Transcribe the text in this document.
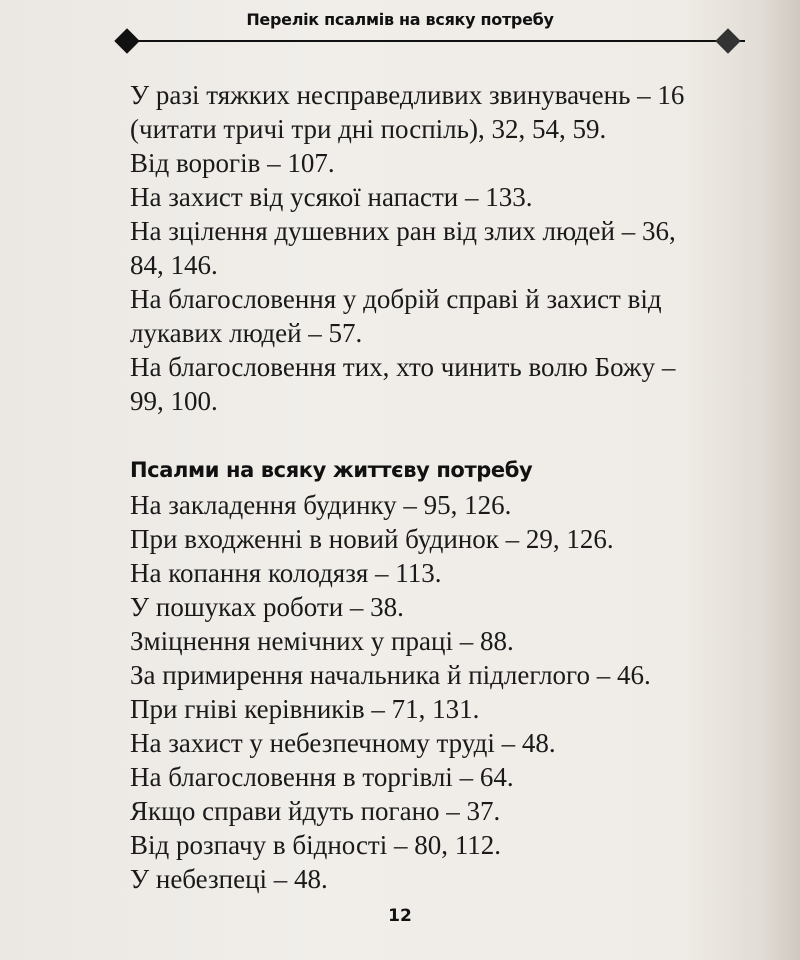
Перелік псалмів на всяку потребу
У разі тяжких несправедливих звинувачень – 16
(читати тричі три дні поспіль), 32, 54, 59.
Від ворогів – 107.
На захист від усякої напасти – 133.
На зцілення душевних ран від злих людей – 36,
84, 146.
На благословення у добрій справі й захист від
лукавих людей – 57.
На благословення тих, хто чинить волю Божу –
99, 100.
Псалми на всяку життєву потребу
На закладення будинку – 95, 126.
При входженні в новий будинок – 29, 126.
На копання колодязя – 113.
У пошуках роботи – 38.
Зміцнення немічних у праці – 88.
За примирення начальника й підлеглого – 46.
При гніві керівників – 71, 131.
На захист у небезпечному труді – 48.
На благословення в торгівлі – 64.
Якщо справи йдуть погано – 37.
Від розпачу в бідності – 80, 112.
У небезпеці – 48.
12
